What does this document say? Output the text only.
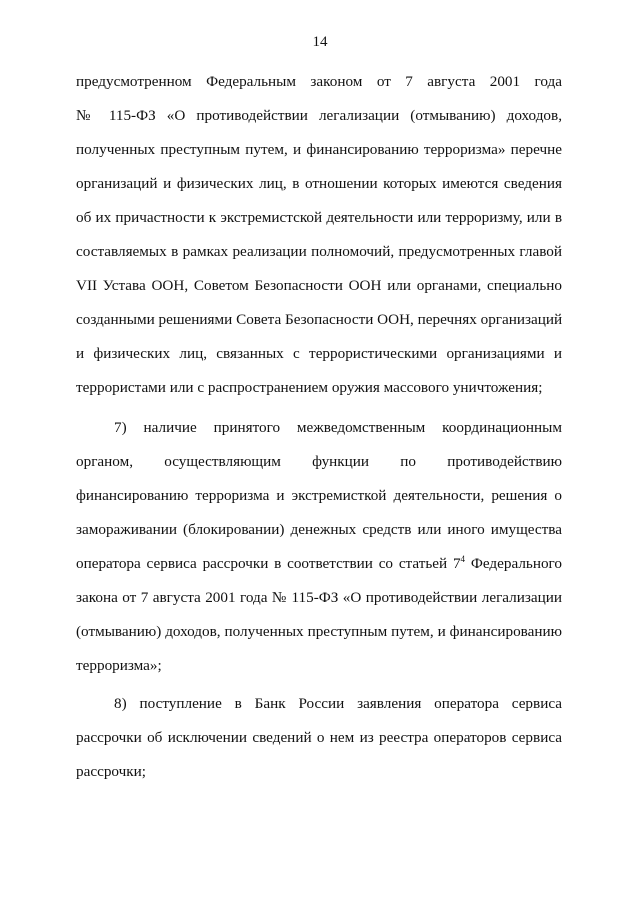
14
предусмотренном Федеральным законом от 7 августа 2001 года
№ 115-ФЗ «О противодействии легализации (отмыванию) доходов,
полученных преступным путем, и финансированию терроризма» перечне
организаций и физических лиц, в отношении которых имеются сведения
об их причастности к экстремистской деятельности или терроризму, или в
составляемых в рамках реализации полномочий, предусмотренных главой
VII Устава ООН, Советом Безопасности ООН или органами, специально
созданными решениями Совета Безопасности ООН, перечнях организаций
и физических лиц, связанных с террористическими организациями и
террористами или с распространением оружия массового уничтожения;
7) наличие принятого межведомственным координационным
органом, осуществляющим функции по противодействию
финансированию терроризма и экстремисткой деятельности, решения о
замораживании (блокировании) денежных средств или иного имущества
оператора сервиса рассрочки в соответствии со статьей $7^4$ Федерального
закона от 7 августа 2001 года № 115-ФЗ «О противодействии легализации
(отмыванию) доходов, полученных преступным путем, и финансированию
терроризма»;
8) поступление в Банк России заявления оператора сервиса
рассрочки об исключении сведений о нем из реестра операторов сервиса
рассрочки;
